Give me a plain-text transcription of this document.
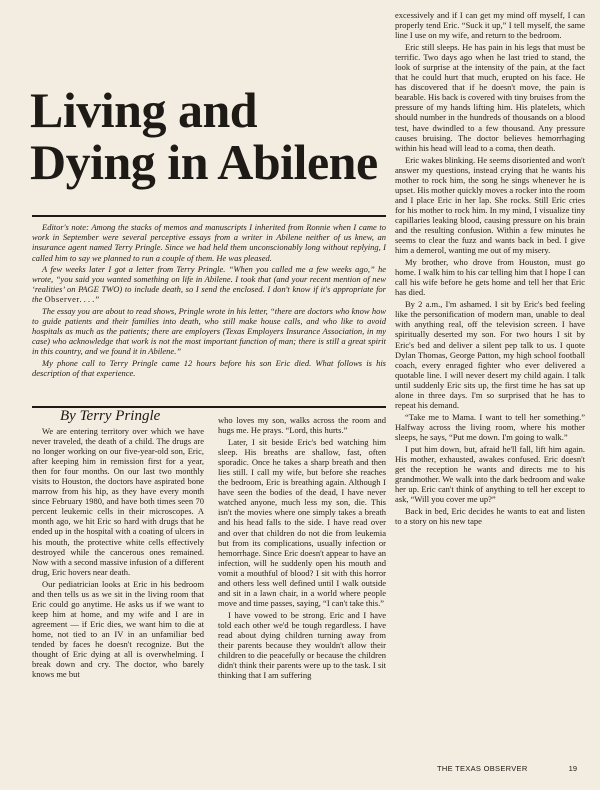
Living and Dying in Abilene

Editor's note: Among the stacks of memos and manuscripts I inherited from Ronnie when I came to work in September were several perceptive essays from a writer in Abilene neither of us knew, an insurance agent named Terry Pringle. Since we had held them unconscionably long without replying, I called him to say we planned to run a couple of them. He was pleased.

A few weeks later I got a letter from Terry Pringle. “When you called me a few weeks ago,” he wrote, “you said you wanted something on life in Abilene. I took that (and your recent mention of new ‘realities’ on PAGE TWO) to include death, so I send the enclosed. I don't know if it's appropriate for the Observer. . . .”

The essay you are about to read shows, Pringle wrote in his letter, “there are doctors who know how to guide patients and their families into death, who still make house calls, and who like to avoid hospitals as much as the patients; there are employers (Texas Employers Insurance Association, in my case) who acknowledge that work is not the most important function of man; there is still a great spirit in this country, and we found it in Abilene.”

My phone call to Terry Pringle came 12 hours before his son Eric died. What follows is his description of that experience.

By Terry Pringle

We are entering territory over which we have never traveled, the death of a child. The drugs are no longer working on our five-year-old son, Eric, after keeping him in remission first for a year, then for four months. On our last two monthly visits to Houston, the doctors have aspirated bone marrow from his hip, as they have every month since February 1980, and have both times seen 70 percent leukemic cells in their microscopes. A month ago, we hit Eric so hard with drugs that he ended up in the hospital with a coating of ulcers in his mouth, the protective white cells effectively destroyed while the cancerous ones remained. Now with a second massive infusion of a different drug, Eric hovers near death.

Our pediatrician looks at Eric in his bedroom and then tells us as we sit in the living room that Eric could go anytime. He asks us if we want to keep him at home, and my wife and I are in agreement — if Eric dies, we want him to die at home, not tied to an IV in an unfamiliar bed tended by faces he doesn't recognize. But the thought of Eric dying at all is overwhelming. I break down and cry. The doctor, who barely knows me but

who loves my son, walks across the room and hugs me. He prays. “Lord, this hurts.”

Later, I sit beside Eric's bed watching him sleep. His breaths are shallow, fast, often sporadic. Once he takes a sharp breath and then lies still. I call my wife, but before she reaches the bedroom, Eric is breathing again. Although I have seen the bodies of the dead, I have never watched anyone, much less my son, die. This isn't the movies where one simply takes a breath and his head falls to the side. I have read over and over that children do not die from leukemia but from its complications, usually infection or hemorrhage. Since Eric doesn't appear to have an infection, will he suddenly open his mouth and vomit a mouthful of blood? I sit with this horror and others less well defined until I walk outside and sit in a lawn chair, in a world where people move and time passes, saying, “I can't take this.”

I have vowed to be strong. Eric and I have told each other we'd be tough regardless. I have read about dying children turning away from their parents because they wouldn't allow their children to die peacefully or because the children didn't think their parents were up to the task. I sit thinking that I am suffering

excessively and if I can get my mind off myself, I can properly tend Eric. “Suck it up,” I tell myself, the same line I use on my wife, and return to the bedroom.

Eric still sleeps. He has pain in his legs that must be terrific. Two days ago when he last tried to stand, the look of surprise at the intensity of the pain, at the fact that he could hurt that much, erupted on his face. He has discovered that if he doesn't move, the pain is bearable. His back is covered with tiny bruises from the pressure of my hands lifting him. His platelets, which should number in the hundreds of thousands on a blood test, have dwindled to a few thousand. Any pressure causes bruising. The doctor believes hemorrhaging within his head will lead to a coma, then death.

Eric wakes blinking. He seems disoriented and won't answer my questions, instead crying that he wants his mother to rock him, the song he sings whenever he is upset. His mother quickly moves a rocker into the room and I place Eric in her lap. She rocks. Still Eric cries for his mother to rock him. In my mind, I visualize tiny capillaries leaking blood, causing pressure on his brain and the resulting confusion. Within a few minutes he seems to clear the fuzz and wants back in bed. I give him a demerol, wanting me out of my misery.

My brother, who drove from Houston, must go home. I walk him to his car telling him that I hope I can call his wife before he gets home and tell her that Eric has died.

By 2 a.m., I'm ashamed. I sit by Eric's bed feeling like the personification of modern man, unable to deal with anything real, off the television screen. I have spiritually deserted my son. For two hours I sit by Eric's bed and deliver a silent pep talk to us. I quote Dylan Thomas, George Patton, my high school football coach, every enraged fighter who ever delivered a quotable line. I will never desert my child again. I talk until suddenly Eric sits up, the first time he has sat up alone in three days. I'm so surprised that he has to repeat his demand.

“Take me to Mama. I want to tell her something.” Halfway across the living room, where his mother sleeps, he says, “Put me down. I'm going to walk.”

I put him down, but, afraid he'll fall, lift him again. His mother, exhausted, awakes confused. Eric doesn't get the reception he wants and directs me to his grandmother. We walk into the dark bedroom and wake her up. Eric can't think of anything to tell her except to ask, “Will you cover me up?”

Back in bed, Eric decides he wants to eat and listen to a story on his new tape

THE TEXAS OBSERVER	19
